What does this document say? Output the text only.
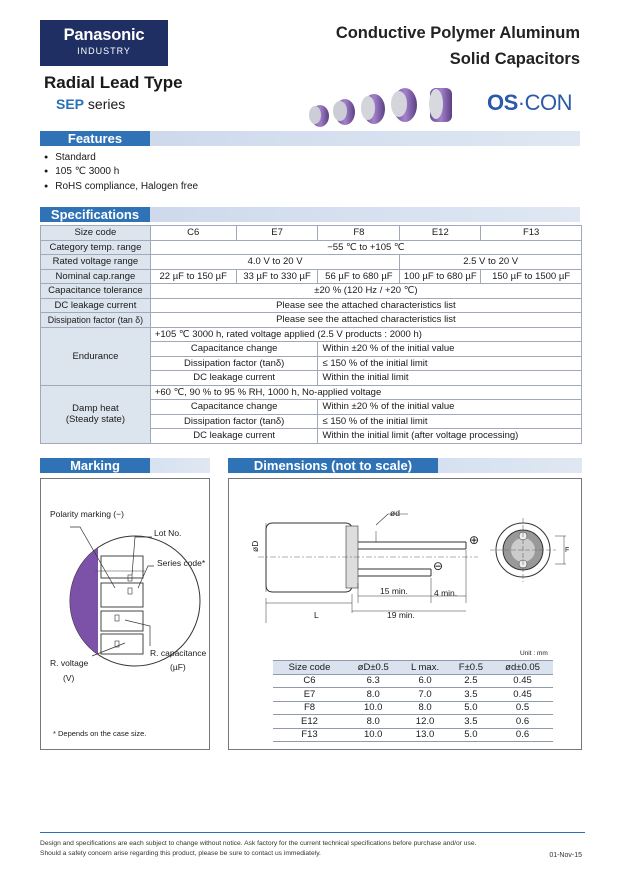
Panasonic
INDUSTRY
Conductive Polymer Aluminum
Solid Capacitors
Radial Lead Type
SEP series	OS·CON
Features
● Standard
● 105 ℃ 3000 h
● RoHS compliance, Halogen free
Specifications
Size code	C6	E7	F8	E12	F13
Category temp. range	−55 ℃ to +105 ℃				
Rated voltage range	4.0 V to 20 V			2.5 V to 20 V	
Nominal cap.range	22 µF to 150 µF	33 µF to 330 µF	56 µF to 680 µF	100 µF to 680 µF	150 µF to 1500 µF
Capacitance tolerance	±20 % (120 Hz / +20 ℃)				
DC leakage current	Please see the attached characteristics list				
Dissipation factor (tan δ)	Please see the attached characteristics list				
Endurance	+105 ℃ 3000 h, rated voltage applied (2.5 V products : 2000 h)				
	Capacitance change		Within ±20 % of the initial value		
	Dissipation factor (tanδ)		≤ 150 % of the initial limit		
	DC leakage current		Within the initial limit		
Damp heat
(Steady state)	+60 ℃, 90 % to 95 % RH, 1000 h, No-applied voltage				
	Capacitance change		Within ±20 % of the initial value		
	Dissipation factor (tanδ)		≤ 150 % of the initial limit		
	DC leakage current		Within the initial limit (after voltage processing)		
Marking
Polarity marking (−)
Lot No.
Series code*
R. capacitance
(µF)
R. voltage
(V)
* Depends on the case size.
Dimensions (not to scale)
ød
øD	⊕
⊖
15 min.	4 min.
L	19 min.
F
Unit : mm
Size code	øD±0.5	L max.	F±0.5	ød±0.05
C6	6.3	6.0	2.5	0.45
E7	8.0	7.0	3.5	0.45
F8	10.0	8.0	5.0	0.5
E12	8.0	12.0	3.5	0.6
F13	10.0	13.0	5.0	0.6
Design and specifications are each subject to change without notice. Ask factory for the current technical specifications before purchase and/or use.
Should a safety concern arise regarding this product, please be sure to contact us immediately.	01-Nov-15
